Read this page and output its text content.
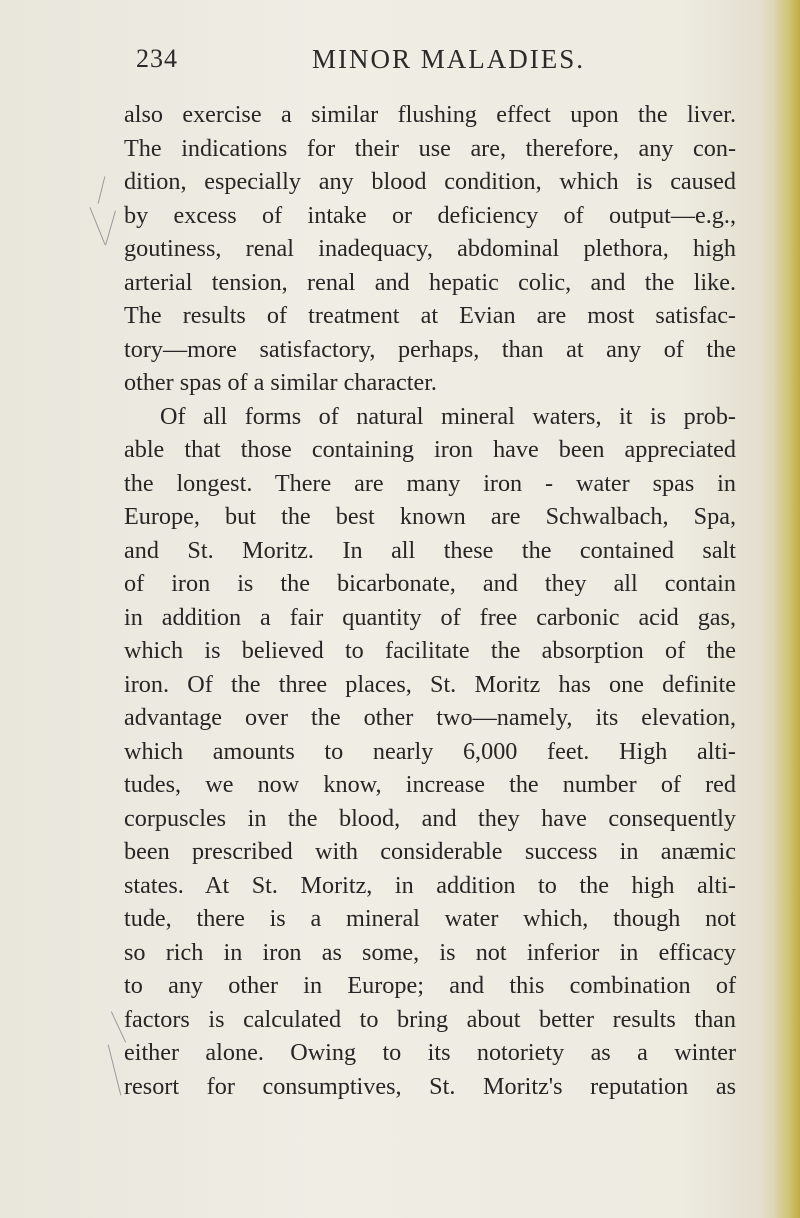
234	MINOR MALADIES.
also exercise a similar flushing effect upon the liver.
The indications for their use are, therefore, any con-
dition, especially any blood condition, which is caused
by excess of intake or deficiency of output—e.g.,
goutiness, renal inadequacy, abdominal plethora, high
arterial tension, renal and hepatic colic, and the like.
The results of treatment at Evian are most satisfac-
tory—more satisfactory, perhaps, than at any of the
other spas of a similar character.
Of all forms of natural mineral waters, it is prob-
able that those containing iron have been appreciated
the longest. There are many iron - water spas in
Europe, but the best known are Schwalbach, Spa,
and St. Moritz. In all these the contained salt
of iron is the bicarbonate, and they all contain
in addition a fair quantity of free carbonic acid gas,
which is believed to facilitate the absorption of the
iron. Of the three places, St. Moritz has one definite
advantage over the other two—namely, its elevation,
which amounts to nearly 6,000 feet. High alti-
tudes, we now know, increase the number of red
corpuscles in the blood, and they have consequently
been prescribed with considerable success in anæmic
states. At St. Moritz, in addition to the high alti-
tude, there is a mineral water which, though not
so rich in iron as some, is not inferior in efficacy
to any other in Europe; and this combination of
factors is calculated to bring about better results than
either alone. Owing to its notoriety as a winter
resort for consumptives, St. Moritz's reputation as
